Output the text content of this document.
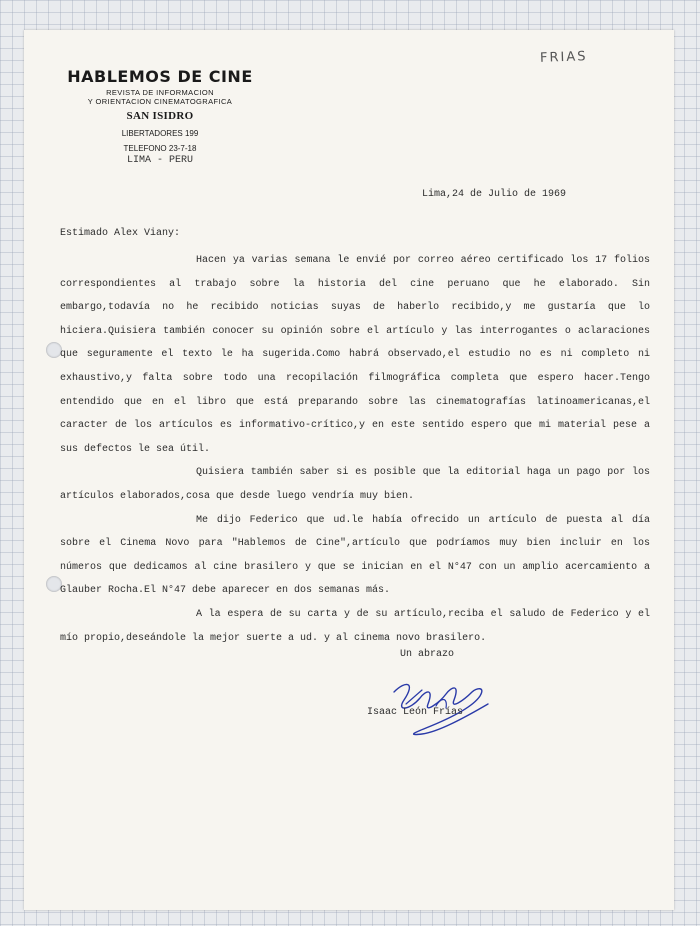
HABLEMOS DE CINE
REVISTA DE INFORMACION
Y ORIENTACION CINEMATOGRAFICA
SAN ISIDRO
LIBERTADORES 199
TELEFONO 23-7-18
LIMA - PERU
FRIAS
Lima,24 de Julio de 1969
Estimado Alex Viany:

Hacen ya varias semana le envié por correo aéreo certificado los 17 folios correspondientes al trabajo sobre la historia del cine peruano que he elaborado. Sin embargo,todavía no he recibido noticias suyas de haberlo recibido,y me gustaría que lo hiciera.Quisiera también conocer su opinión sobre el artículo y las interrogantes o aclaraciones que seguramente el texto le ha sugerida.Como habrá observado,el estudio no es ni completo ni exhaustivo,y falta sobre todo una recopilación filmográfica completa que espero hacer.Tengo entendido que en el libro que está preparando sobre las cinematografías latinoamericanas,el caracter de los artículos es informativo-crítico,y en este sentido espero que mi material pese a sus defectos le sea útil.

Quisiera también saber si es posible que la editorial haga un pago por los artículos elaborados,cosa que desde luego vendría muy bien.

Me dijo Federico que ud.le había ofrecido un artículo de puesta al día sobre el Cinema Novo para "Hablemos de Cine",artículo que podríamos muy bien incluir en los números que dedicamos al cine brasilero y que se inician en el N°47 con un amplio acercamiento a Glauber Rocha.El N°47 debe aparecer en dos semanas más.

A la espera de su carta y de su artículo,reciba el saludo de Federico y el mío propio,deseándole la mejor suerte a ud. y al cinema novo brasilero.

Un abrazo
Isaac León Frías
